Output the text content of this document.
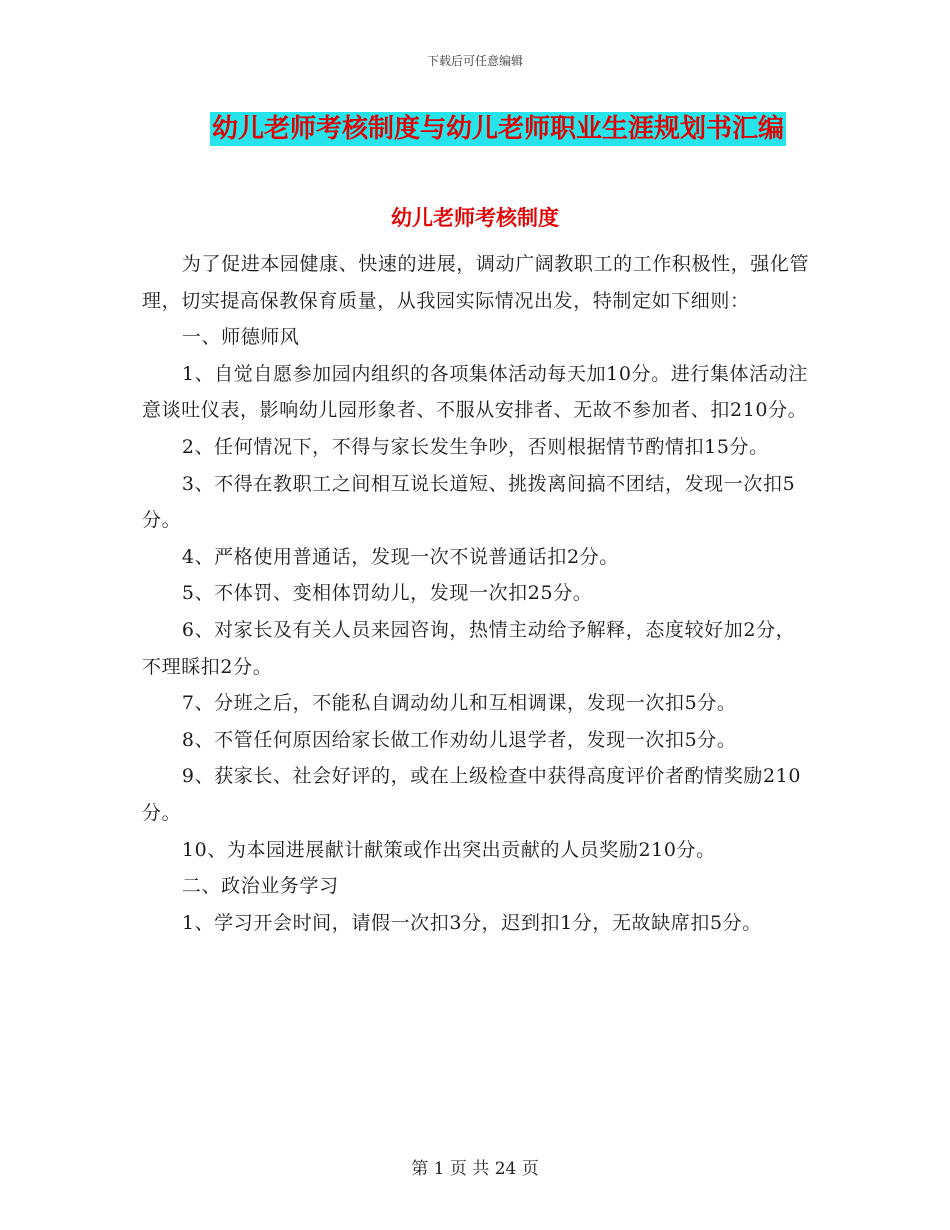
下载后可任意编辑
幼儿老师考核制度与幼儿老师职业生涯规划书汇编
幼儿老师考核制度

为了促进本园健康、快速的进展，调动广阔教职工的工作积极性，强化管理，切实提高保教保育质量，从我园实际情况出发，特制定如下细则：

一、师德师风

1、自觉自愿参加园内组织的各项集体活动每天加10分。进行集体活动注意谈吐仪表，影响幼儿园形象者、不服从安排者、无故不参加者、扣210分。

2、任何情况下，不得与家长发生争吵，否则根据情节酌情扣15分。

3、不得在教职工之间相互说长道短、挑拨离间搞不团结，发现一次扣5分。

4、严格使用普通话，发现一次不说普通话扣2分。

5、不体罚、变相体罚幼儿，发现一次扣25分。

6、对家长及有关人员来园咨询，热情主动给予解释，态度较好加2分，不理睬扣2分。

7、分班之后，不能私自调动幼儿和互相调课，发现一次扣5分。

8、不管任何原因给家长做工作劝幼儿退学者，发现一次扣5分。

9、获家长、社会好评的，或在上级检查中获得高度评价者酌情奖励210分。

10、为本园进展献计献策或作出突出贡献的人员奖励210分。

二、政治业务学习

1、学习开会时间，请假一次扣3分，迟到扣1分，无故缺席扣5分。

第 1 页 共 24 页
